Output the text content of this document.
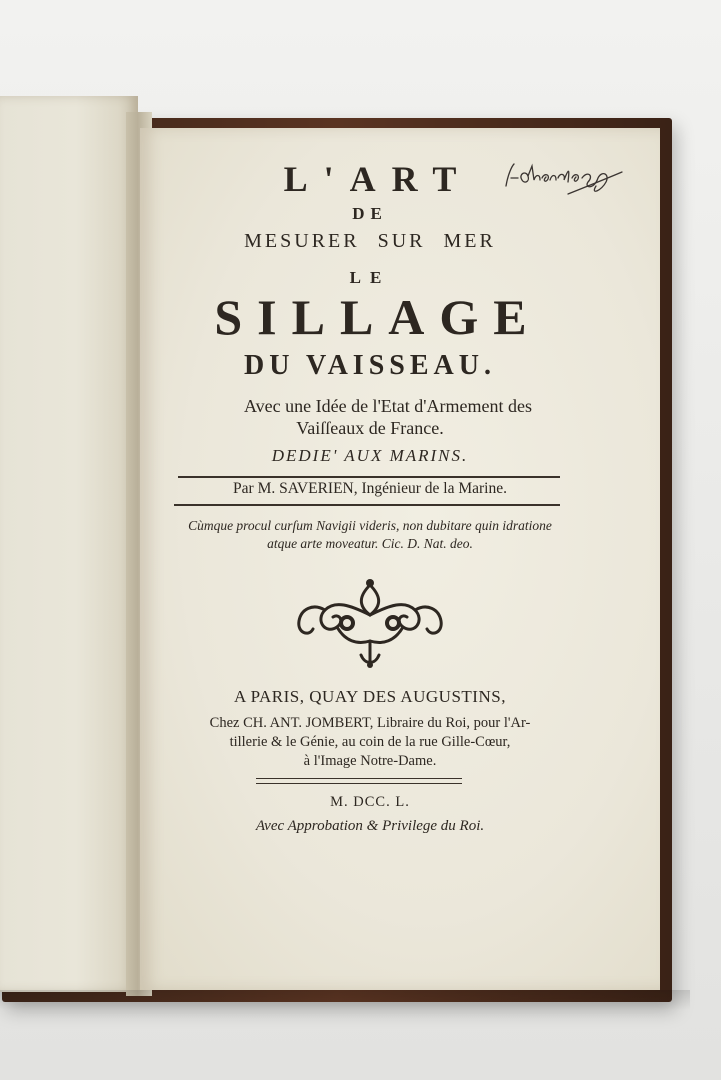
L'ART
DE
MESURER SUR MER
LE
SILLAGE
DU VAISSEAU.
Avec une Idée de l'Etat d'Armement des
Vaiſſeaux de France.
DEDIE' AUX MARINS.
Par M. SAVERIEN, Ingénieur de la Marine.
Cùmque procul curſum Navigii videris, non dubitare quin idratione
atque arte moveatur. Cic. D. Nat. deo.
A PARIS, QUAY DES AUGUSTINS,
Chez CH. ANT. JOMBERT, Libraire du Roi, pour l'Ar-
tillerie & le Génie, au coin de la rue Gille-Cœur,
à l'Image Notre-Dame.
M. DCC. L.
Avec Approbation & Privilege du Roi.
